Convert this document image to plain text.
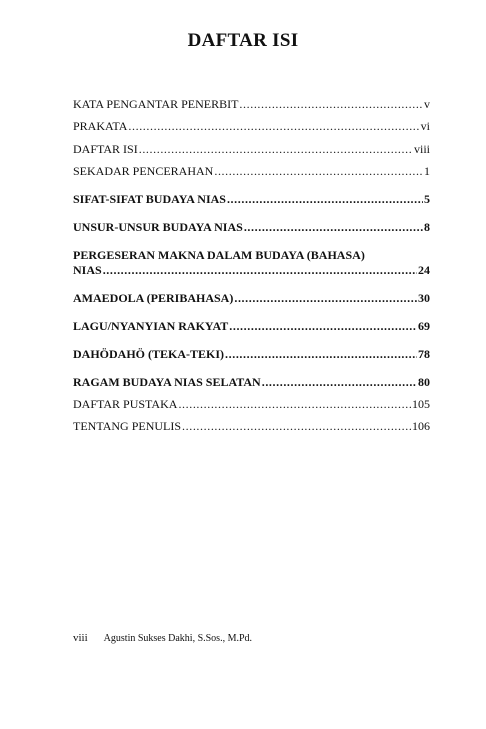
DAFTAR ISI
KATA PENGANTAR PENERBIT .....	v
PRAKATA .....	vi
DAFTAR ISI .....	viii
SEKADAR PENCERAHAN .....	1
SIFAT-SIFAT BUDAYA NIAS .....	5
UNSUR-UNSUR BUDAYA NIAS .....	8
PERGESERAN MAKNA DALAM BUDAYA (BAHASA)
NIAS .....	24
AMAEDOLA (PERIBAHASA) .....	30
LAGU/NYANYIAN RAKYAT .....	69
DAHÖDAHÖ (TEKA-TEKI) .....	78
RAGAM BUDAYA NIAS SELATAN .....	80
DAFTAR PUSTAKA .....	105
TENTANG PENULIS .....	106
viii Agustin Sukses Dakhi, S.Sos., M.Pd.
